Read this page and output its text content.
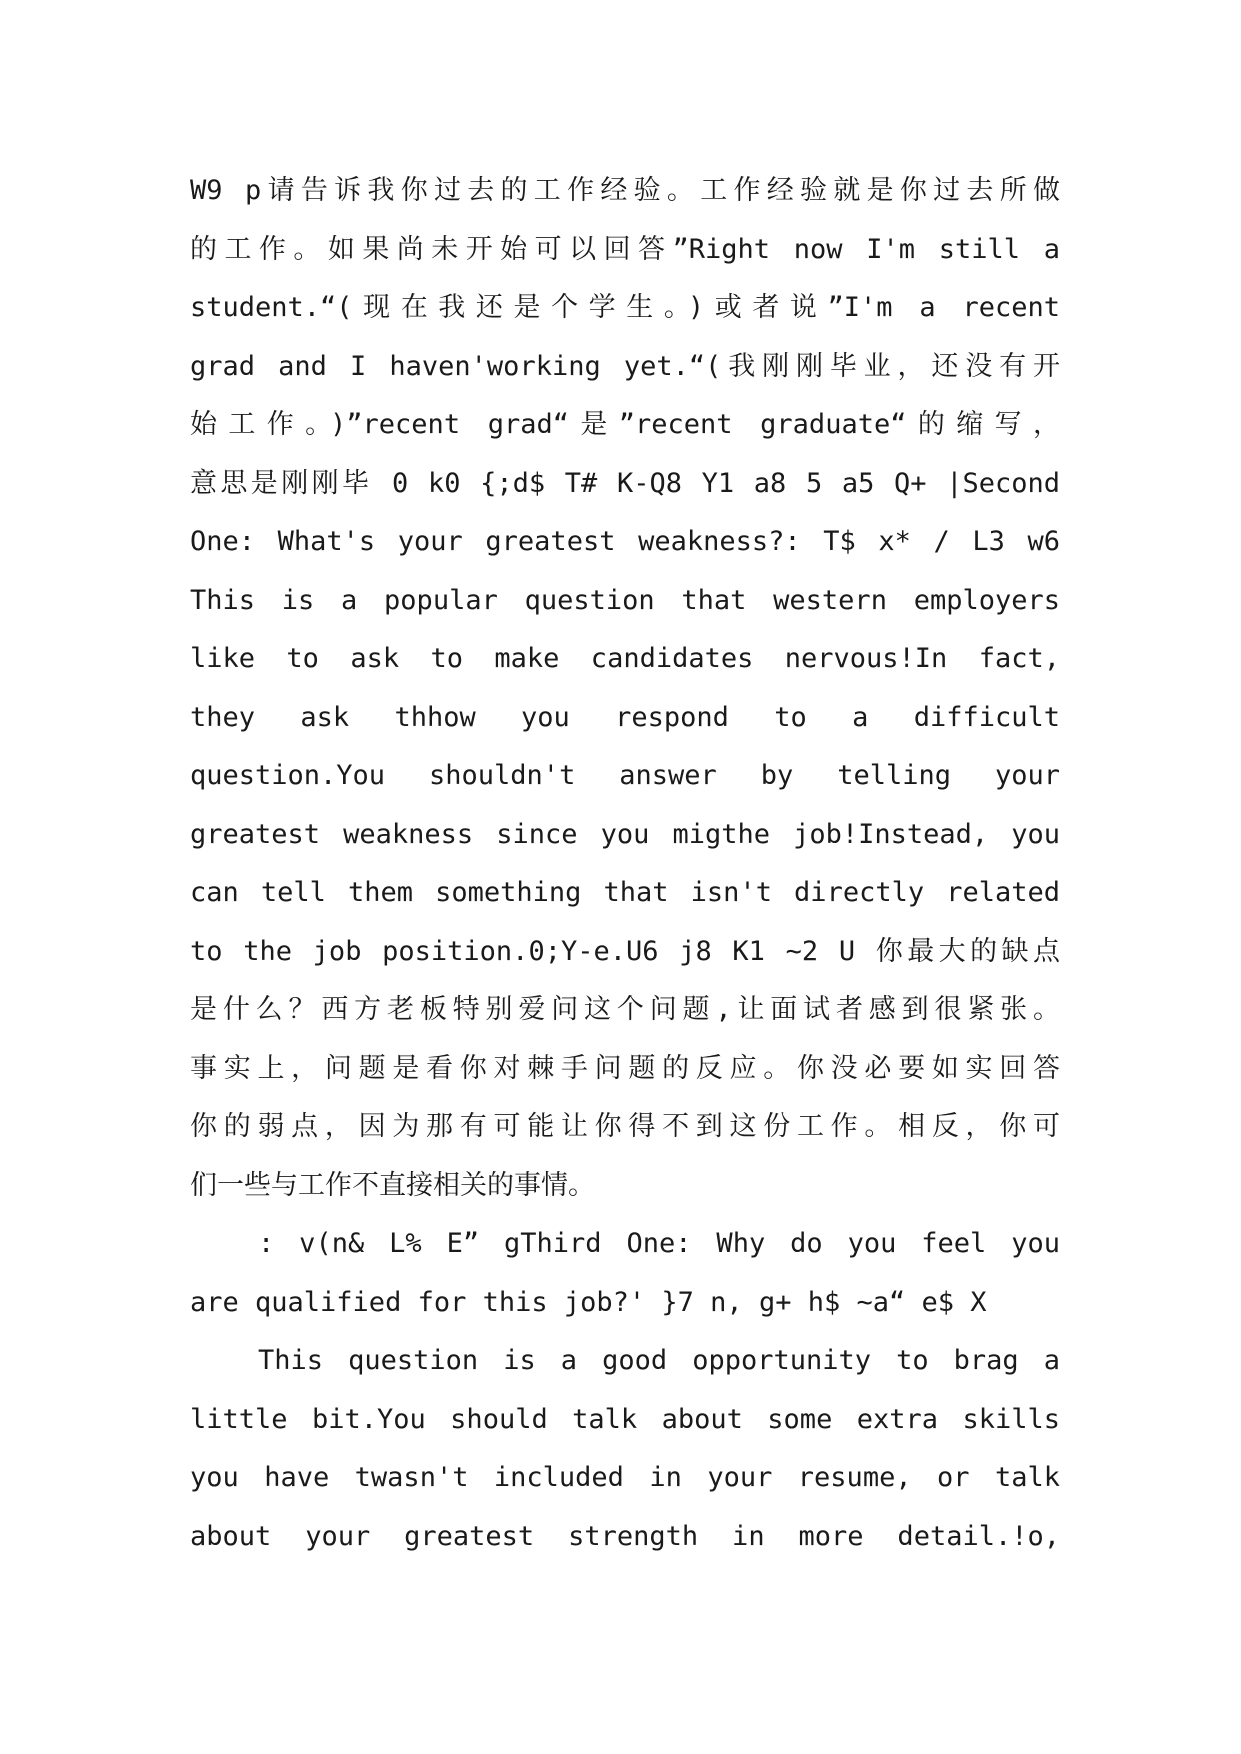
W9 p请告诉我你过去的工作经验。工作经验就是你过去所做
的工作。如果尚未开始可以回答”Right now I'm still a
student.“(现在我还是个学生。)或者说”I'm a recent
grad and I haven'working yet.“(我刚刚毕业，还没有开
始工作。)”recent grad“是”recent graduate“的缩写，
意思是刚刚毕 0 k0 {;d$ T# K-Q8 Y1 a8 5 a5 Q+ |Second
One: What's your greatest weakness?: T$ x* / L3 w6
This is a popular question that western employers
like to ask to make candidates nervous!In fact,
they ask thhow you respond to a difficult
question.You shouldn't answer by telling your
greatest weakness since you migthe job!Instead, you
can tell them something that isn't directly related
to the job position.0;Y-e.U6 j8 K1 ~2 U 你最大的缺点
是什么？西方老板特别爱问这个问题,让面试者感到很紧张。
事实上，问题是看你对棘手问题的反应。你没必要如实回答
你的弱点，因为那有可能让你得不到这份工作。相反，你可
们一些与工作不直接相关的事情。
: v(n& L% E” gThird One: Why do you feel you
are qualified for this job?' }7 n, g+ h$ ~a“ e$ X
This question is a good opportunity to brag a
little bit.You should talk about some extra skills
you have twasn't included in your resume, or talk
about your greatest strength in more detail.!o,
